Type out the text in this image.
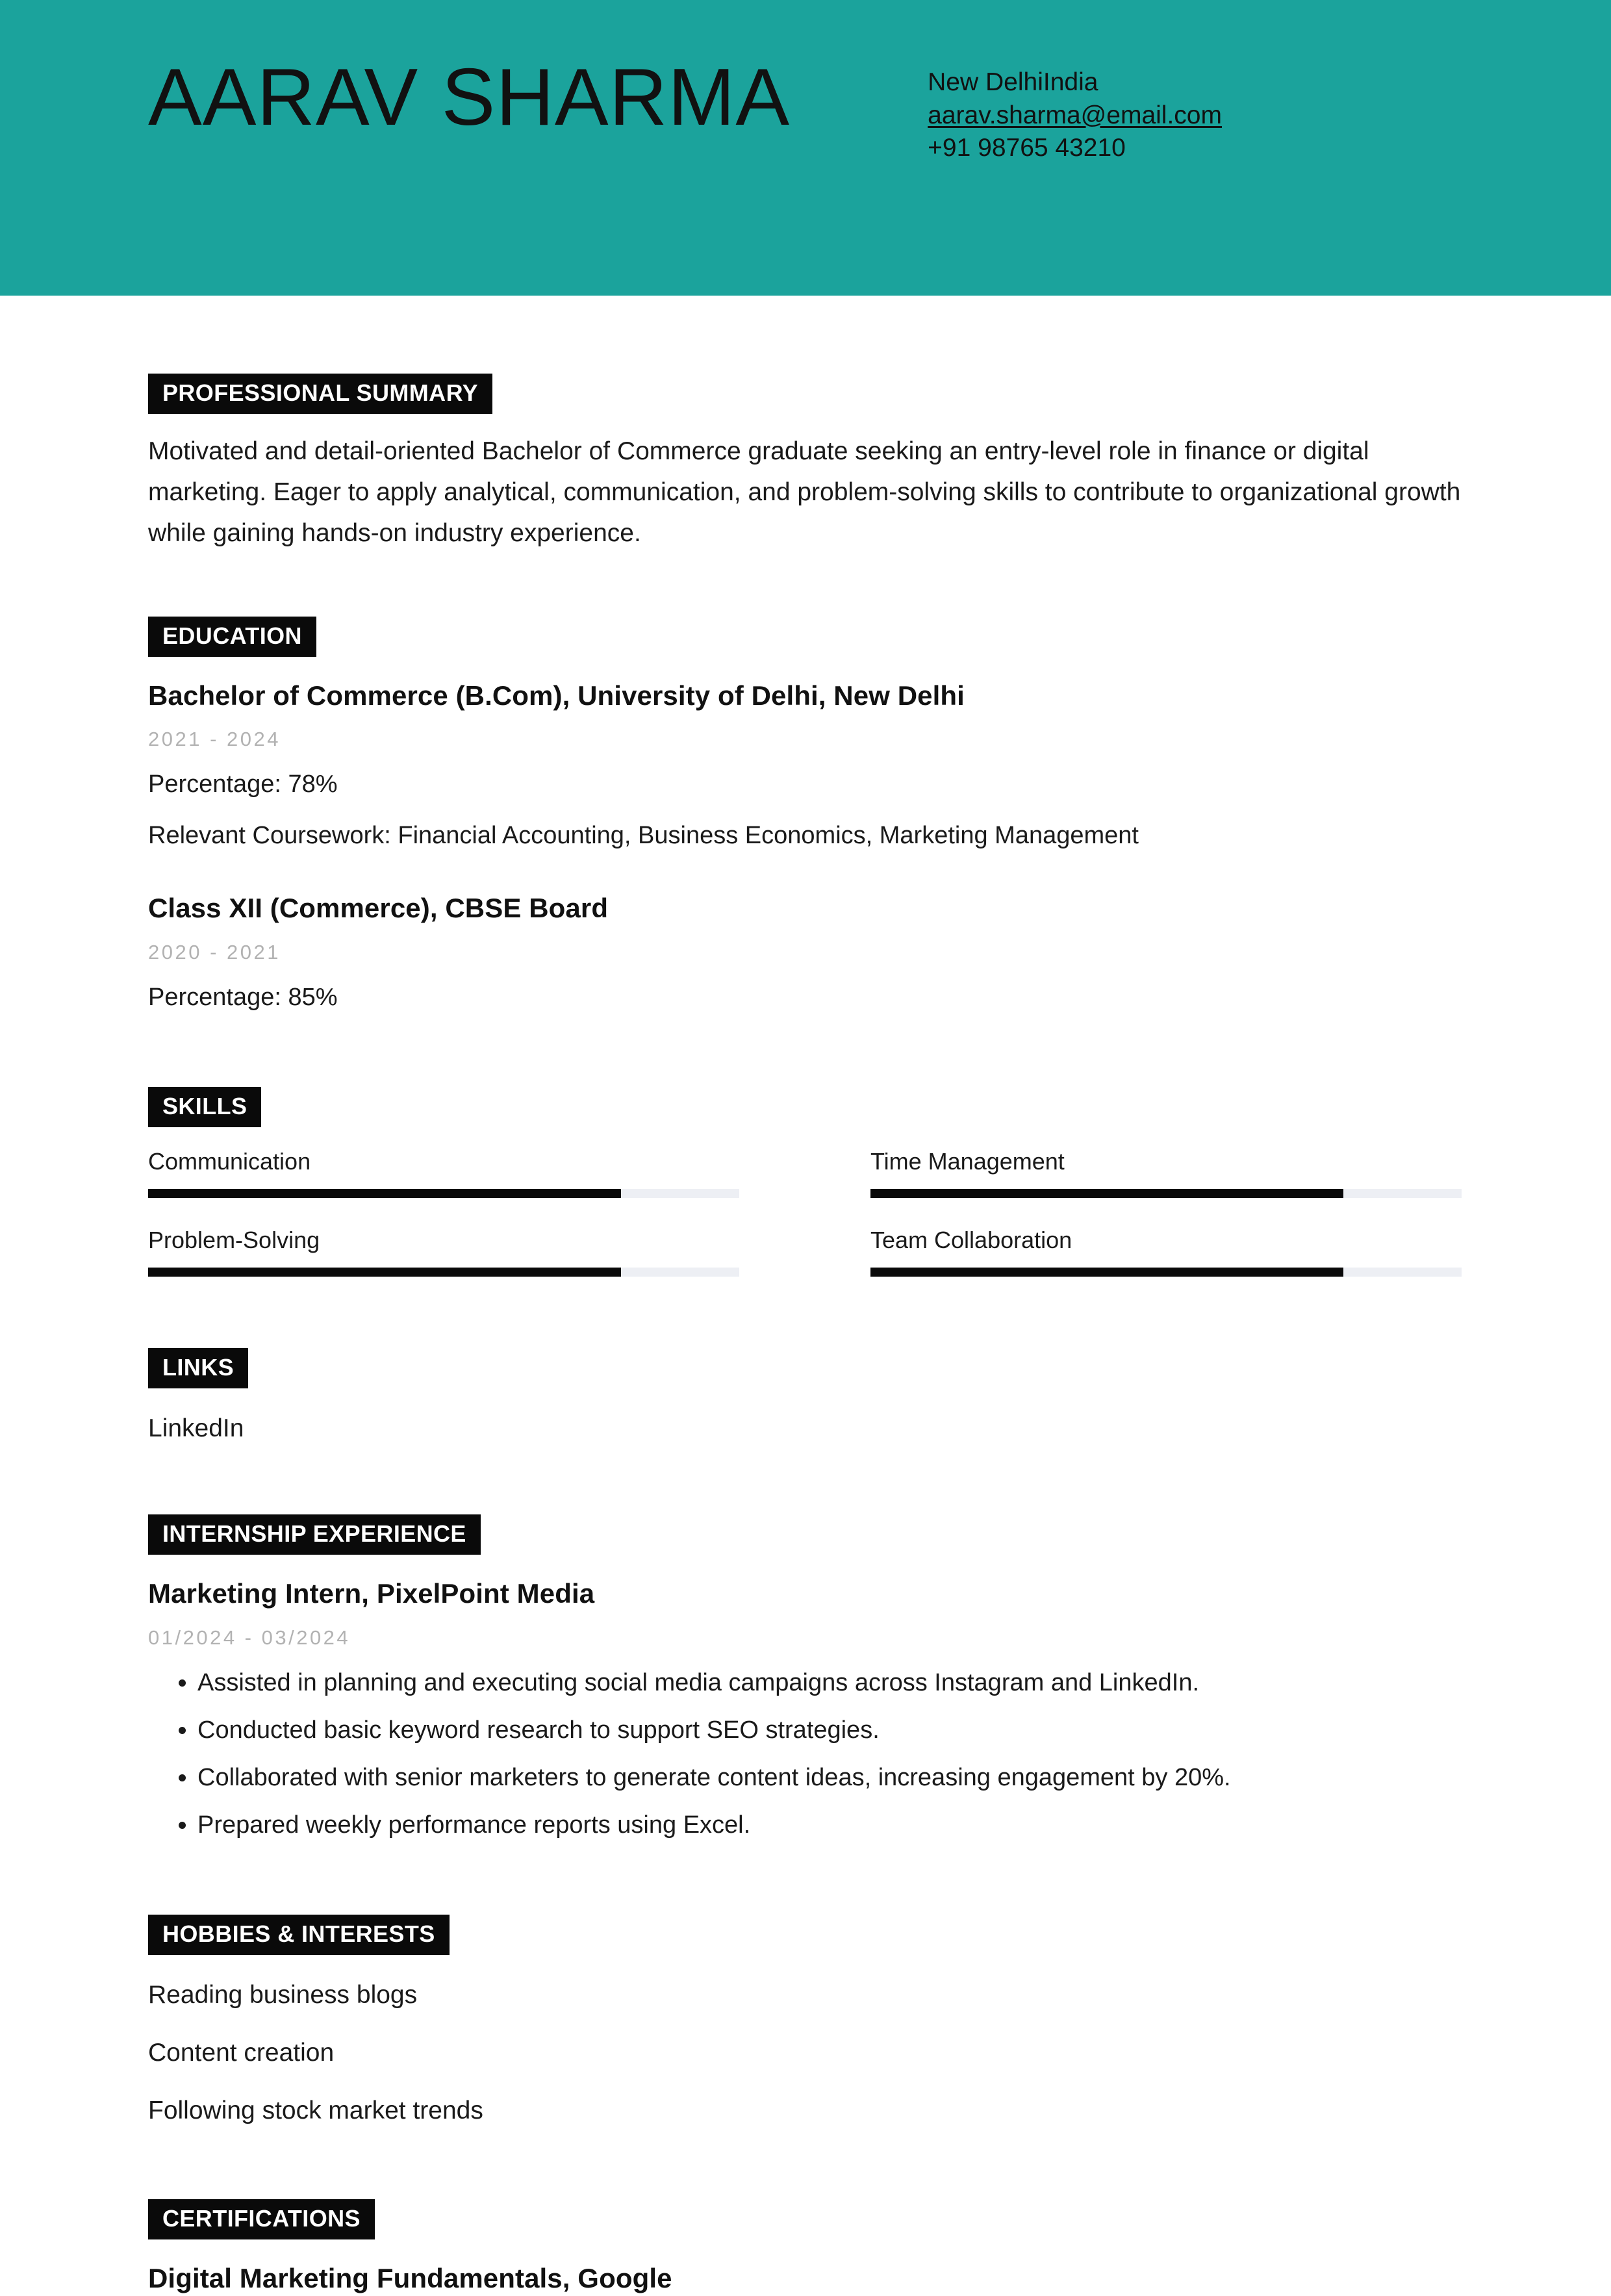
AARAV SHARMA	New DelhiIndia
aarav.sharma@email.com
+91 98765 43210
PROFESSIONAL SUMMARY

Motivated and detail-oriented Bachelor of Commerce graduate seeking an entry-level role in finance or digital marketing. Eager to apply analytical, communication, and problem-solving skills to contribute to organizational growth while gaining hands-on industry experience.

EDUCATION
Bachelor of Commerce (B.Com), University of Delhi, New Delhi
2021 - 2024
Percentage: 78%
Relevant Coursework: Financial Accounting, Business Economics, Marketing Management
Class XII (Commerce), CBSE Board
2020 - 2021
Percentage: 85%
SKILLS
Communication	Time Management
Problem-Solving	Team Collaboration
LINKS
LinkedIn
INTERNSHIP EXPERIENCE
Marketing Intern, PixelPoint Media
01/2024 - 03/2024
• Assisted in planning and executing social media campaigns across Instagram and LinkedIn.
• Conducted basic keyword research to support SEO strategies.
• Collaborated with senior marketers to generate content ideas, increasing engagement by 20%.
• Prepared weekly performance reports using Excel.
HOBBIES & INTERESTS
Reading business blogs
Content creation
Following stock market trends
CERTIFICATIONS
Digital Marketing Fundamentals, Google
